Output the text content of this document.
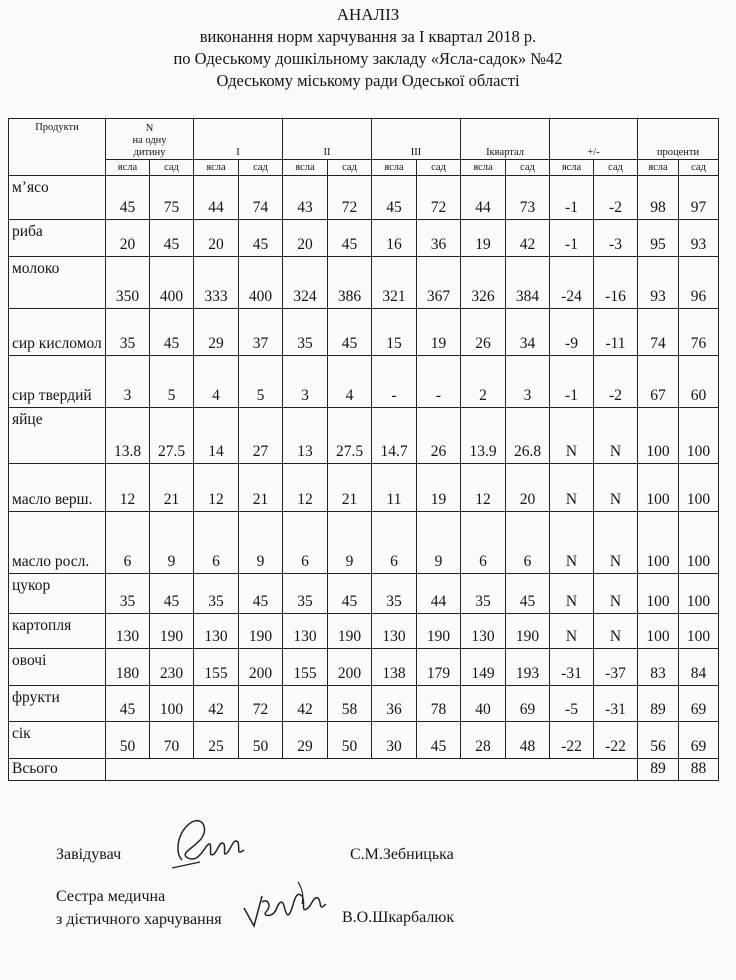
АНАЛІЗ
виконання норм харчування за І квартал 2018 р.
по Одеському дошкільному закладу «Ясла-садок» №42
Одеському міському ради Одеської області
Продукти	N
на одну
дитину		I		II		III		Іквартал		+/-		проценти	
	ясла	сад	ясла	сад	ясла	сад	ясла	сад	ясла	сад	ясла	сад	ясла	сад
м’ясо	45	75	44	74	43	72	45	72	44	73	-1	-2	98	97
риба	20	45	20	45	20	45	16	36	19	42	-1	-3	95	93
молоко	350	400	333	400	324	386	321	367	326	384	-24	-16	93	96
сир кисломол	35	45	29	37	35	45	15	19	26	34	-9	-11	74	76
сир твердий	3	5	4	5	3	4	-	-	2	3	-1	-2	67	60
яйце	13.8	27.5	14	27	13	27.5	14.7	26	13.9	26.8	N	N	100	100
масло верш.	12	21	12	21	12	21	11	19	12	20	N	N	100	100
масло росл.	6	9	6	9	6	9	6	9	6	6	N	N	100	100
цукор	35	45	35	45	35	45	35	44	35	45	N	N	100	100
картопля	130	190	130	190	130	190	130	190	130	190	N	N	100	100
овочі	180	230	155	200	155	200	138	179	149	193	-31	-37	83	84
фрукти	45	100	42	72	42	58	36	78	40	69	-5	-31	89	69
сік	50	70	25	50	29	50	30	45	28	48	-22	-22	56	69
Всього													89	88
Завідувач	С.М.Зебницька
Сестра медична
з дієтичного харчування	В.О.Шкарбалюк
